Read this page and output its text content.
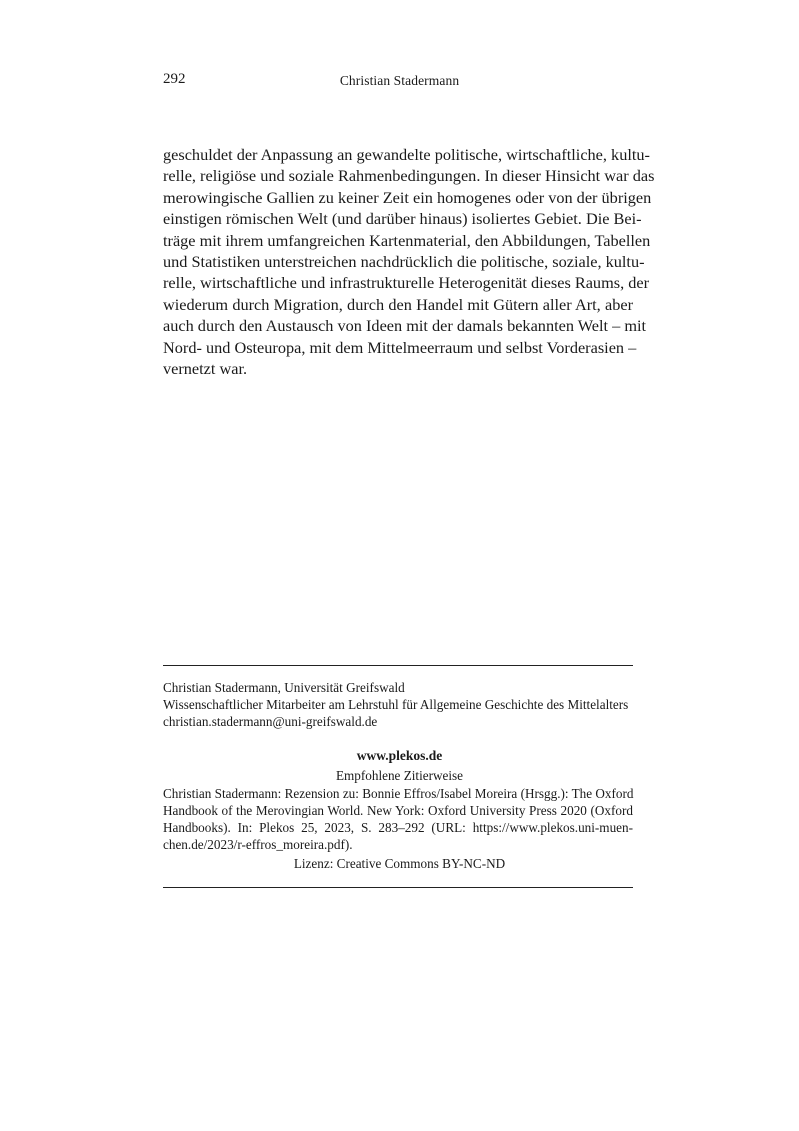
292	Christian Stadermann
geschuldet der Anpassung an gewandelte politische, wirtschaftliche, kultu-
relle, religiöse und soziale Rahmenbedingungen. In dieser Hinsicht war das
merowingische Gallien zu keiner Zeit ein homogenes oder von der übrigen
einstigen römischen Welt (und darüber hinaus) isoliertes Gebiet. Die Bei-
träge mit ihrem umfangreichen Kartenmaterial, den Abbildungen, Tabellen
und Statistiken unterstreichen nachdrücklich die politische, soziale, kultu-
relle, wirtschaftliche und infrastrukturelle Heterogenität dieses Raums, der
wiederum durch Migration, durch den Handel mit Gütern aller Art, aber
auch durch den Austausch von Ideen mit der damals bekannten Welt – mit
Nord- und Osteuropa, mit dem Mittelmeerraum und selbst Vorderasien –
vernetzt war.
Christian Stadermann, Universität Greifswald
Wissenschaftlicher Mitarbeiter am Lehrstuhl für Allgemeine Geschichte des Mittelalters
christian.stadermann@uni-greifswald.de
www.plekos.de
Empfohlene Zitierweise
Christian Stadermann: Rezension zu: Bonnie Effros/Isabel Moreira (Hrsgg.): The Oxford
Handbook of the Merovingian World. New York: Oxford University Press 2020 (Oxford
Handbooks). In: Plekos 25, 2023, S. 283–292 (URL: https://www.plekos.uni-muen-
chen.de/2023/r-effros_moreira.pdf).
Lizenz: Creative Commons BY-NC-ND
